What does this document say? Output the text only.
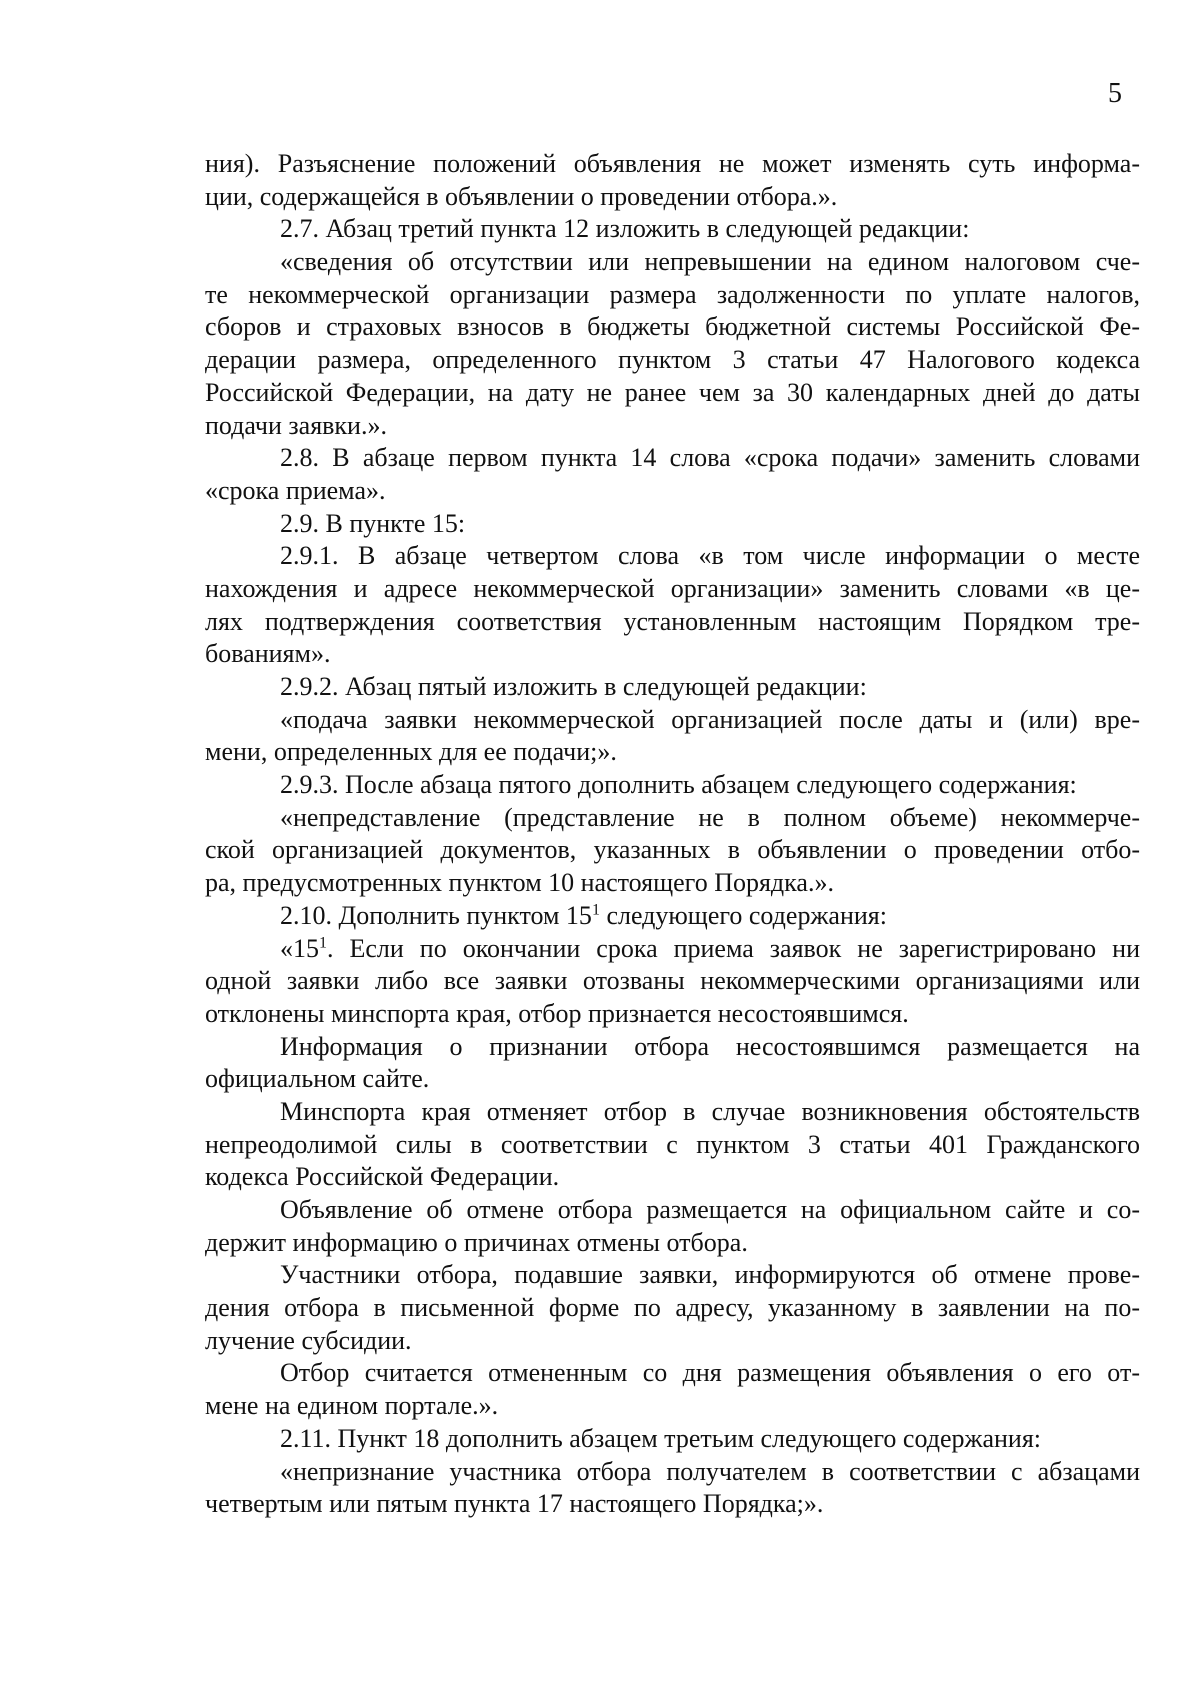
5
ния). Разъяснение положений объявления не может изменять суть информа-
ции, содержащейся в объявлении о проведении отбора.».
2.7. Абзац третий пункта 12 изложить в следующей редакции:
«сведения об отсутствии или непревышении на едином налоговом сче-
те некоммерческой организации размера задолженности по уплате налогов,
сборов и страховых взносов в бюджеты бюджетной системы Российской Фе-
дерации размера, определенного пунктом 3 статьи 47 Налогового кодекса
Российской Федерации, на дату не ранее чем за 30 календарных дней до даты
подачи заявки.».
2.8. В абзаце первом пункта 14 слова «срока подачи» заменить словами
«срока приема».
2.9. В пункте 15:
2.9.1. В абзаце четвертом слова «в том числе информации о месте
нахождения и адресе некоммерческой организации» заменить словами «в це-
лях подтверждения соответствия установленным настоящим Порядком тре-
бованиям».
2.9.2. Абзац пятый изложить в следующей редакции:
«подача заявки некоммерческой организацией после даты и (или) вре-
мени, определенных для ее подачи;».
2.9.3. После абзаца пятого дополнить абзацем следующего содержания:
«непредставление (представление не в полном объеме) некоммерче-
ской организацией документов, указанных в объявлении о проведении отбо-
ра, предусмотренных пунктом 10 настоящего Порядка.».
2.10. Дополнить пунктом $15^1$ следующего содержания:
«$15^1$. Если по окончании срока приема заявок не зарегистрировано ни
одной заявки либо все заявки отозваны некоммерческими организациями или
отклонены минспорта края, отбор признается несостоявшимся.
Информация о признании отбора несостоявшимся размещается на
официальном сайте.
Минспорта края отменяет отбор в случае возникновения обстоятельств
непреодолимой силы в соответствии с пунктом 3 статьи 401 Гражданского
кодекса Российской Федерации.
Объявление об отмене отбора размещается на официальном сайте и со-
держит информацию о причинах отмены отбора.
Участники отбора, подавшие заявки, информируются об отмене прове-
дения отбора в письменной форме по адресу, указанному в заявлении на по-
лучение субсидии.
Отбор считается отмененным со дня размещения объявления о его от-
мене на едином портале.».
2.11. Пункт 18 дополнить абзацем третьим следующего содержания:
«непризнание участника отбора получателем в соответствии с абзацами
четвертым или пятым пункта 17 настоящего Порядка;».
